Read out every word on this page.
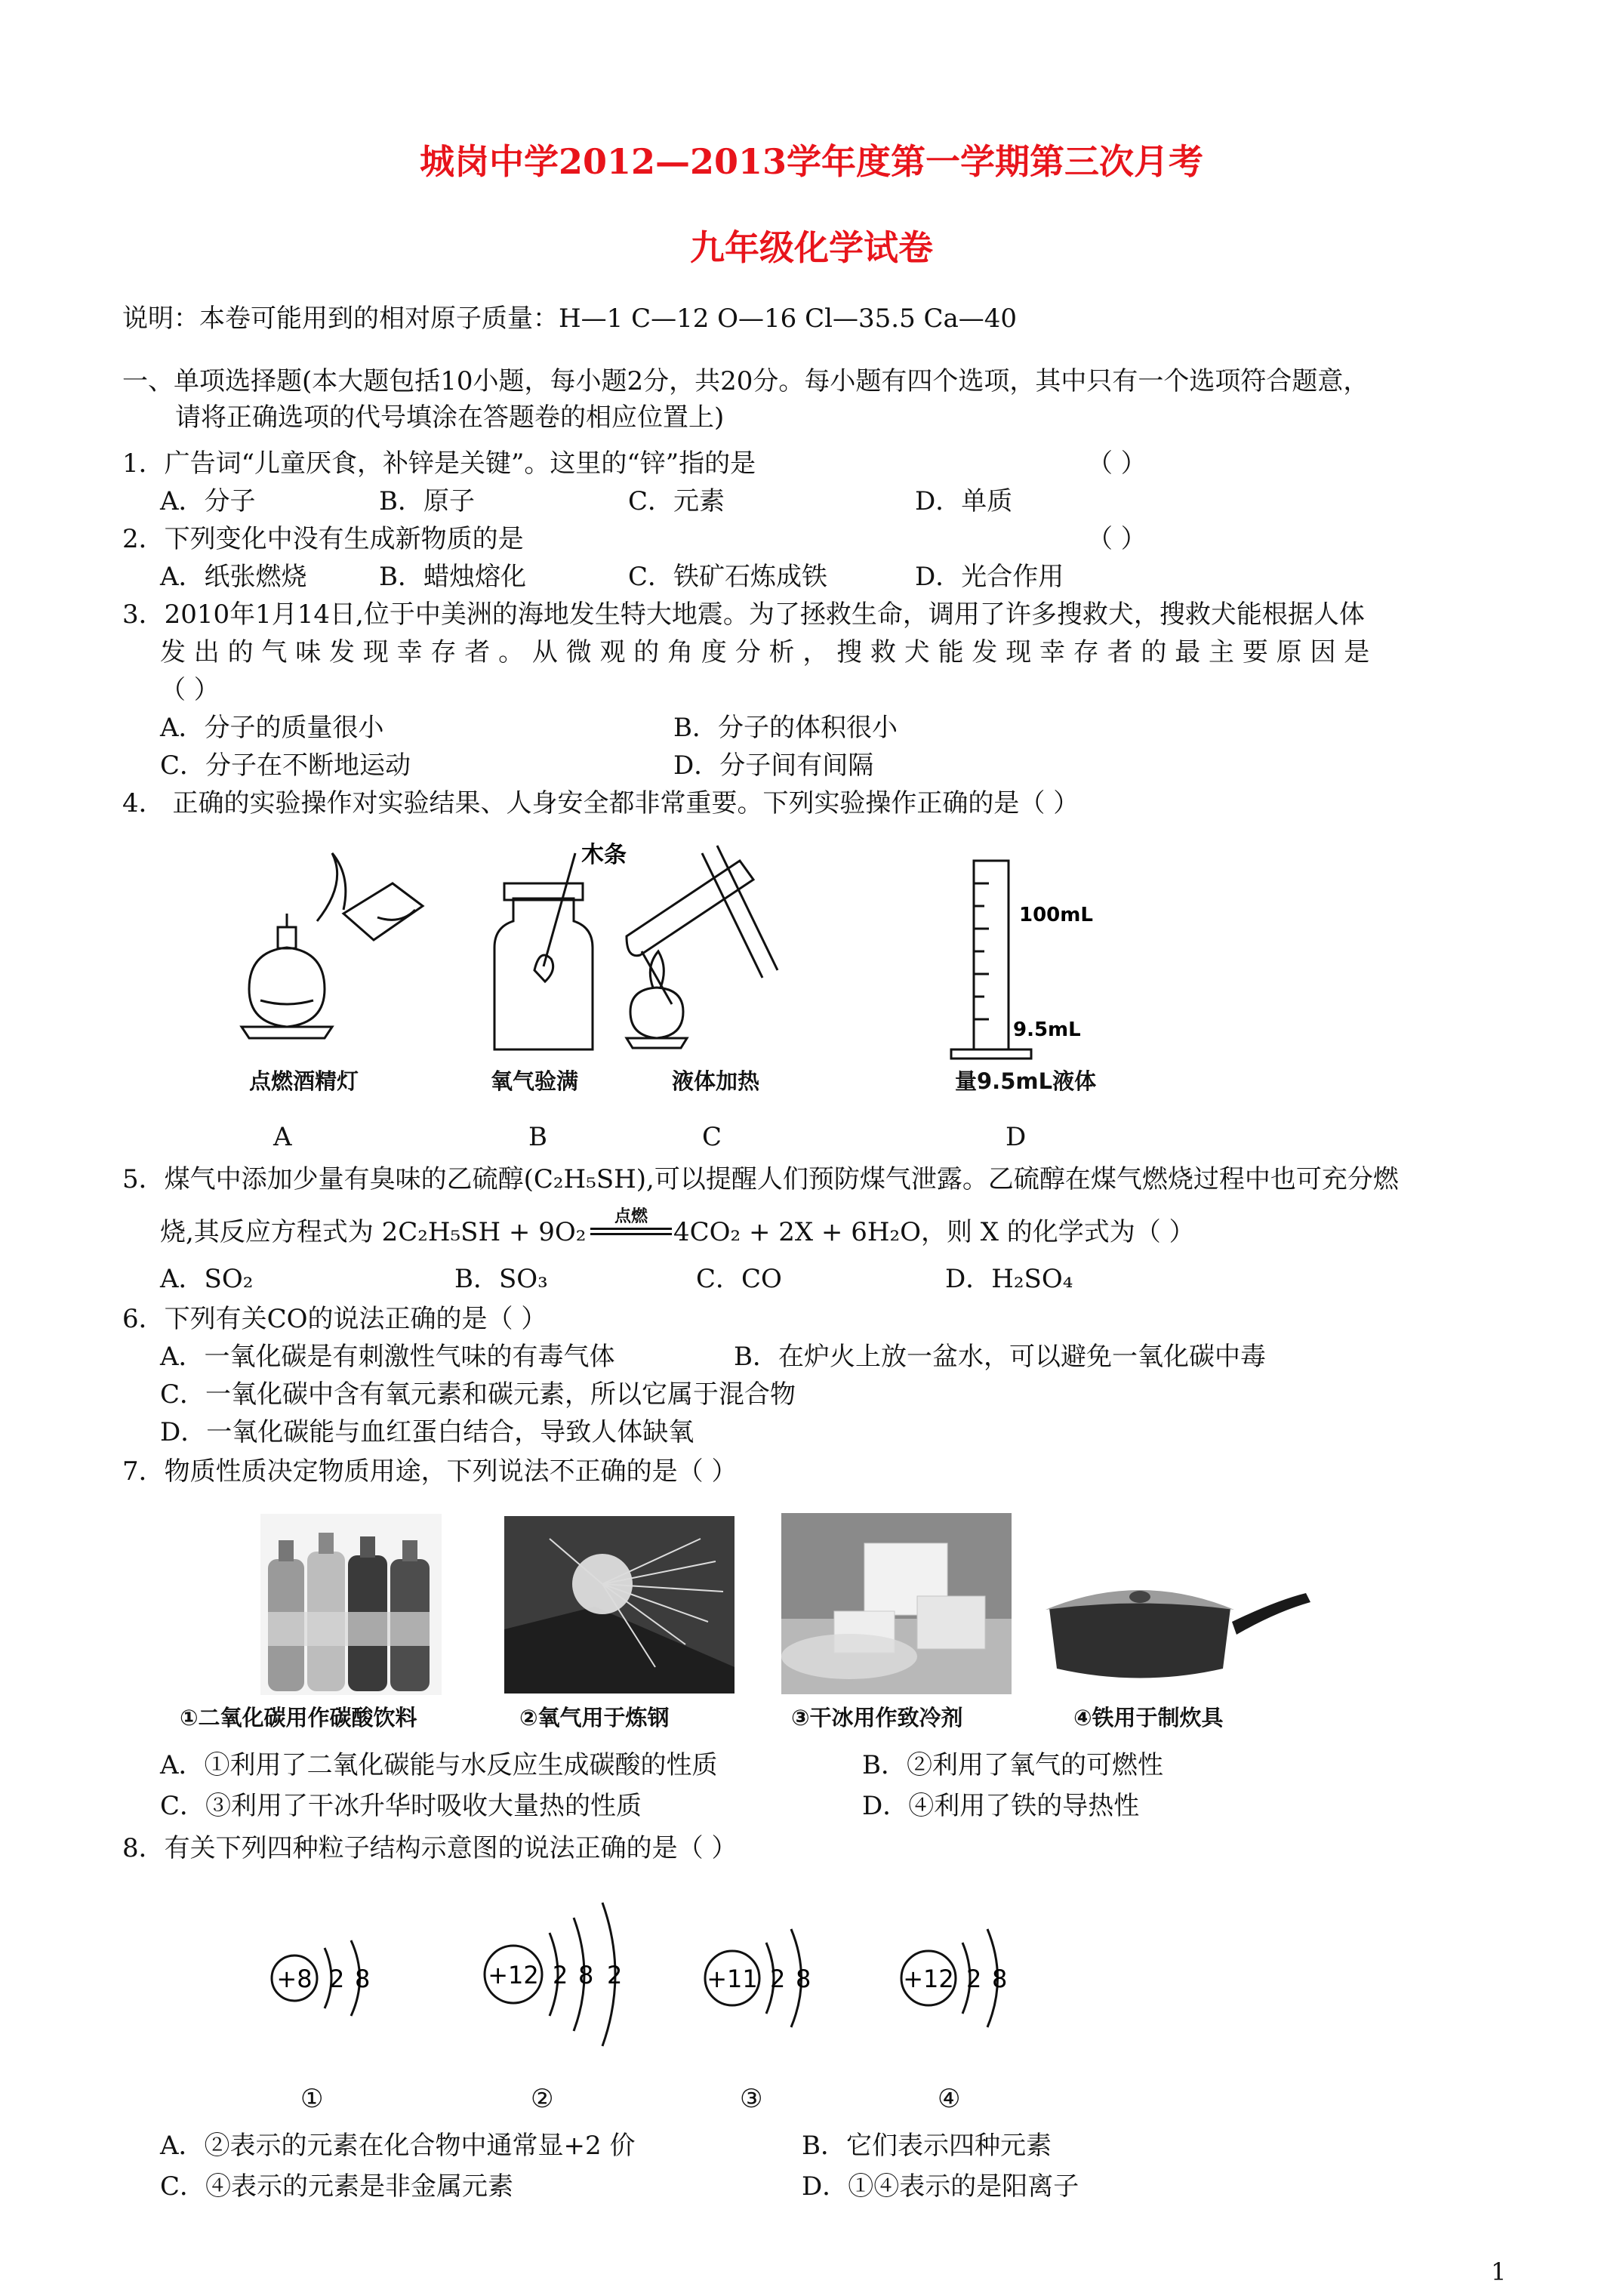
城岗中学2012—2013学年度第一学期第三次月考
九年级化学试卷
说明：本卷可能用到的相对原子质量：H—1 C—12 O—16 Cl—35.5 Ca—40
一、单项选择题(本大题包括10小题，每小题2分，共20分。每小题有四个选项，其中只有一个选项符合题意，
请将正确选项的代号填涂在答题卷的相应位置上)
1．广告词“儿童厌食，补锌是关键”。这里的“锌”指的是	（ ）
A．分子	B．原子	C．元素	D．单质
2．下列变化中没有生成新物质的是	（ ）
A．纸张燃烧	B．蜡烛熔化	C．铁矿石炼成铁	D．光合作用
3．2010年1月14日,位于中美洲的海地发生特大地震。为了拯救生命，调用了许多搜救犬，搜救犬能根据人体
发 出 的 气 味 发 现 幸 存 者 。 从 微 观 的 角 度 分 析 ， 搜 救 犬 能 发 现 幸 存 者 的 最 主 要 原 因 是
（ ）
A．分子的质量很小	B．分子的体积很小
C．分子在不断地运动	D．分子间有间隔
4． 正确的实验操作对实验结果、人身安全都非常重要。下列实验操作正确的是（ ）
木条
100mL
9.5mL
点燃酒精灯	氧气验满	液体加热	量9.5mL液体
A	B	C	D
5．煤气中添加少量有臭味的乙硫醇(C₂H₅SH),可以提醒人们预防煤气泄露。乙硫醇在煤气燃烧过程中也可充分燃
烧,其反应方程式为 2C₂H₅SH + 9O₂
点燃
4CO₂ + 2X + 6H₂O，则 X 的化学式为（ ）
A．SO₂	B．SO₃	C．CO	D．H₂SO₄
6．下列有关CO的说法正确的是（ ）
A．一氧化碳是有刺激性气味的有毒气体	B．在炉火上放一盆水，可以避免一氧化碳中毒
C．一氧化碳中含有氧元素和碳元素，所以它属于混合物
D．一氧化碳能与血红蛋白结合，导致人体缺氧
7．物质性质决定物质用途，下列说法不正确的是（ ）
①二氧化碳用作碳酸饮料	②氧气用于炼钢	③干冰用作致冷剂	④铁用于制炊具
A．①利用了二氧化碳能与水反应生成碳酸的性质	B．②利用了氧气的可燃性
C．③利用了干冰升华时吸收大量热的性质	D．④利用了铁的导热性
8．有关下列四种粒子结构示意图的说法正确的是（ ）
+8 2 8	+12 2 8 2	+11 2 8	+12 2 8
①	②	③	④
A．②表示的元素在化合物中通常显+2 价	B．它们表示四种元素
C．④表示的元素是非金属元素	D．①④表示的是阳离子
1
